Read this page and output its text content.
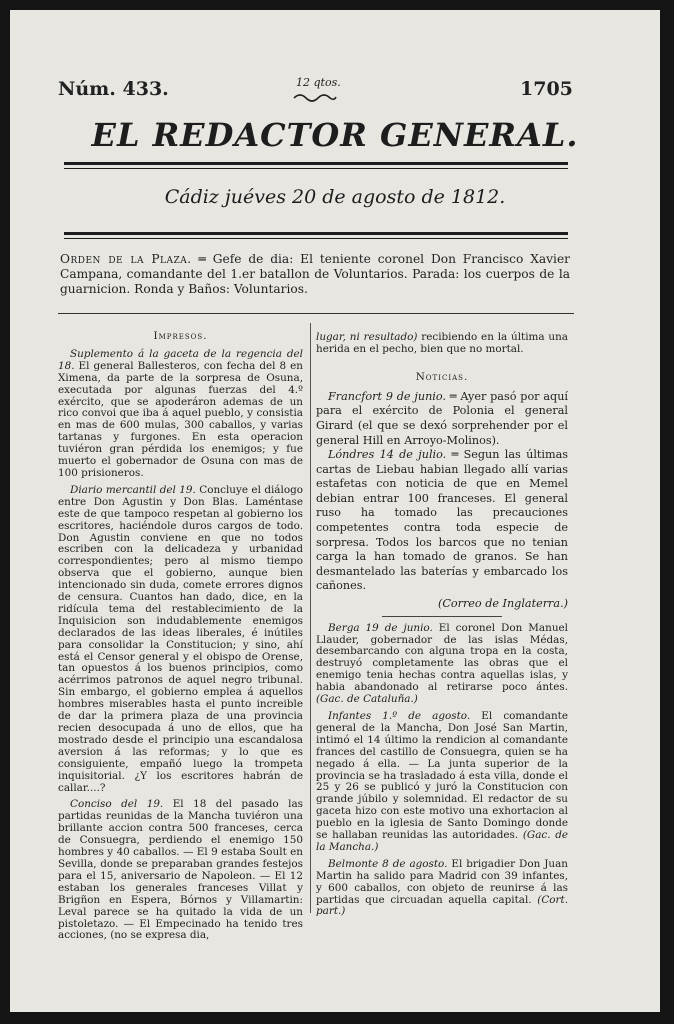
Núm. 433.	12 qtos.	1705
EL REDACTOR GENERAL.
Cádiz juéves 20 de agosto de 1812.
Orden de la Plaza. ═ Gefe de dia: El teniente coronel Don Francisco Xavier Campana, comandante del 1.er batallon de Voluntarios. Parada: los cuerpos de la guarnicion. Ronda y Baños: Voluntarios.

Impresos.

Suplemento á la gaceta de la regencia del 18. El general Ballesteros, con fecha del 8 en Ximena, da parte de la sorpresa de Osuna, executada por algunas fuerzas del 4.º exército, que se apoderáron ademas de un rico convoi que iba á aquel pueblo, y consistia en mas de 600 mulas, 300 caballos, y varias tartanas y furgones. En esta operacion tuviéron gran pérdida los enemigos; y fue muerto el gobernador de Osuna con mas de 100 prisioneros.

Diario mercantil del 19. Concluye el diálogo entre Don Agustin y Don Blas. Laméntase este de que tampoco respetan al gobierno los escritores, haciéndole duros cargos de todo. Don Agustin conviene en que no todos escriben con la delicadeza y urbanidad correspondientes; pero al mismo tiempo observa que el gobierno, aunque bien intencionado sin duda, comete errores dignos de censura. Cuantos han dado, dice, en la ridícula tema del restablecimiento de la Inquisicion son indudablemente enemigos declarados de las ideas liberales, é inútiles para consolidar la Constitucion; y sino, ahí está el Censor general y el obispo de Orense, tan opuestos á los buenos principios, como acérrimos patronos de aquel negro tribunal. Sin embargo, el gobierno emplea á aquellos hombres miserables hasta el punto increible de dar la primera plaza de una provincia recien desocupada á uno de ellos, que ha mostrado desde el principio una escandalosa aversion á las reformas; y lo que es consiguiente, empañó luego la trompeta inquisitorial. ¿Y los escritores habrán de callar....?

Conciso del 19. El 18 del pasado las partidas reunidas de la Mancha tuviéron una brillante accion contra 500 franceses, cerca de Consuegra, perdiendo el enemigo 150 hombres y 40 caballos. — El 9 estaba Soult en Sevilla, donde se preparaban grandes festejos para el 15, aniversario de Napoleon. — El 12 estaban los generales franceses Villat y Brigñon en Espera, Bórnos y Villamartin: Leval parece se ha quitado la vida de un pistoletazo. — El Empecinado ha tenido tres acciones, (no se expresa dia,

lugar, ni resultado) recibiendo en la última una herida en el pecho, bien que no mortal.

Noticias.

Francfort 9 de junio. ═ Ayer pasó por aquí para el exército de Polonia el general Girard (el que se dexó sorprehender por el general Hill en Arroyo-Molinos).

Lóndres 14 de julio. ═ Segun las últimas cartas de Liebau habian llegado allí varias estafetas con noticia de que en Memel debian entrar 100 franceses. El general ruso ha tomado las precauciones competentes contra toda especie de sorpresa. Todos los barcos que no tenian carga la han tomado de granos. Se han desmantelado las baterías y embarcado los cañones.

(Correo de Inglaterra.)

Berga 19 de junio. El coronel Don Manuel Llauder, gobernador de las islas Médas, desembarcando con alguna tropa en la costa, destruyó completamente las obras que el enemigo tenia hechas contra aquellas islas, y habia abandonado al retirarse poco ántes. (Gac. de Cataluña.)

Infantes 1.º de agosto. El comandante general de la Mancha, Don José San Martin, intimó el 14 último la rendicion al comandante frances del castillo de Consuegra, quien se ha negado á ella. — La junta superior de la provincia se ha trasladado á esta villa, donde el 25 y 26 se publicó y juró la Constitucion con grande júbilo y solemnidad. El redactor de su gaceta hizo con este motivo una exhortacion al pueblo en la iglesia de Santo Domingo donde se hallaban reunidas las autoridades. (Gac. de la Mancha.)

Belmonte 8 de agosto. El brigadier Don Juan Martin ha salido para Madrid con 39 infantes, y 600 caballos, con objeto de reunirse á las partidas que circuadan aquella capital. (Cort. part.)
